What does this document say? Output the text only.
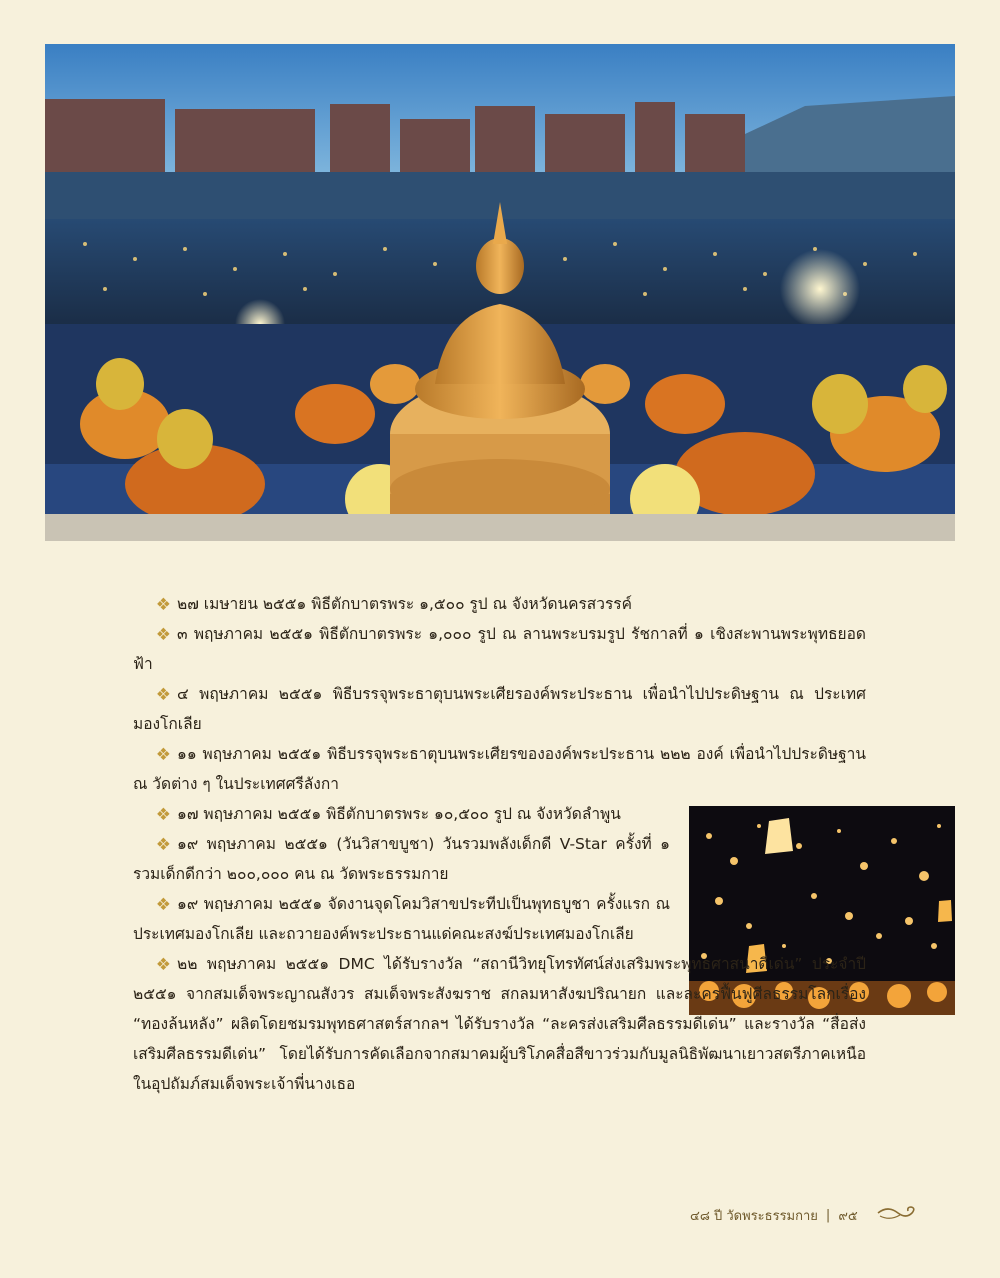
❖ ๒๗ เมษายน ๒๕๕๑ พิธีตักบาตรพระ ๑,๕๐๐ รูป ณ จังหวัดนครสวรรค์

❖ ๓ พฤษภาคม ๒๕๕๑ พิธีตักบาตรพระ ๑,๐๐๐ รูป ณ ลานพระบรมรูป รัชกาลที่ ๑ เชิงสะพานพระพุทธยอดฟ้า

❖ ๔ พฤษภาคม ๒๕๕๑ พิธีบรรจุพระธาตุบนพระเศียรองค์พระประธาน เพื่อนำไปประดิษฐาน ณ ประเทศมองโกเลีย

❖ ๑๑ พฤษภาคม ๒๕๕๑ พิธีบรรจุพระธาตุบนพระเศียรขององค์พระประธาน ๒๒๒ องค์ เพื่อนำไปประดิษฐาน ณ วัดต่าง ๆ ในประเทศศรีลังกา

❖ ๑๗ พฤษภาคม ๒๕๕๑ พิธีตักบาตรพระ ๑๐,๕๐๐ รูป ณ จังหวัดลำพูน

❖ ๑๙ พฤษภาคม ๒๕๕๑ (วันวิสาขบูชา) วันรวมพลังเด็กดี V-Star ครั้งที่ ๑ รวมเด็กดีกว่า ๒๐๐,๐๐๐ คน ณ วัดพระธรรมกาย

❖ ๑๙ พฤษภาคม ๒๕๕๑ จัดงานจุดโคมวิสาขประทีปเป็นพุทธบูชา ครั้งแรก ณ ประเทศมองโกเลีย และถวายองค์พระประธานแด่คณะสงฆ์ประเทศมองโกเลีย

❖ ๒๒ พฤษภาคม ๒๕๕๑ DMC ได้รับรางวัล “สถานีวิทยุโทรทัศน์ส่งเสริมพระพุทธศาสนาดีเด่น” ประจำปี ๒๕๕๑ จากสมเด็จพระญาณสังวร สมเด็จพระสังฆราช สกลมหาสังฆปริณายก และละครฟื้นฟูศีลธรรมโลกเรื่อง “ทองล้นหลัง” ผลิตโดยชมรมพุทธศาสตร์สากลฯ ได้รับรางวัล “ละครส่งเสริมศีลธรรมดีเด่น” และรางวัล “สื่อส่งเสริมศีลธรรมดีเด่น” โดยได้รับการคัดเลือกจากสมาคมผู้บริโภคสื่อสีขาวร่วมกับมูลนิธิพัฒนาเยาวสตรีภาคเหนือ ในอุปถัมภ์สมเด็จพระเจ้าพี่นางเธอ

๔๘ ปี วัดพระธรรมกาย | ๙๕
